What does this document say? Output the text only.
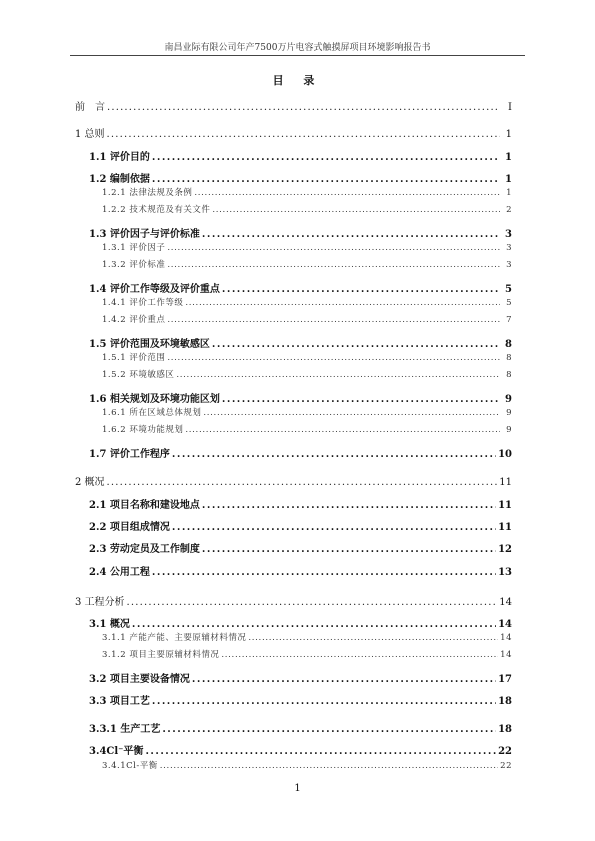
南昌业际有限公司年产7500万片电容式触摸屏项目环境影响报告书
目 录
前　言 . . .	I
1 总则 . . .	1
1.1 评价目的 . . .	1
1.2 编制依据 . . .	1
1.2.1 法律法规及条例 . . .	1
1.2.2 技术规范及有关文件 . . .	2
1.3 评价因子与评价标准 . . .	3
1.3.1 评价因子 . . .	3
1.3.2 评价标准 . . .	3
1.4 评价工作等级及评价重点 . . .	5
1.4.1 评价工作等级 . . .	5
1.4.2 评价重点 . . .	7
1.5 评价范围及环境敏感区 . . .	8
1.5.1 评价范围 . . .	8
1.5.2 环境敏感区 . . .	8
1.6 相关规划及环境功能区划 . . .	9
1.6.1 所在区域总体规划 . . .	9
1.6.2 环境功能规划 . . .	9
1.7 评价工作程序 . . .	10
2 概况 . . .	11
2.1 项目名称和建设地点 . . .	11
2.2 项目组成情况 . . .	11
2.3 劳动定员及工作制度 . . .	12
2.4 公用工程 . . .	13
3 工程分析 . . .	14
3.1 概况 . . .	14
3.1.1 产能产能、主要原辅材料情况 . . .	14
3.1.2 项目主要原辅材料情况 . . .	14
3.2 项目主要设备情况 . . .	17
3.3 项目工艺 . . .	18
3.3.1 生产工艺 . . .	18
3.4Cl⁻平衡 . . .	22
3.4.1Cl-平衡 . . .	22
1
